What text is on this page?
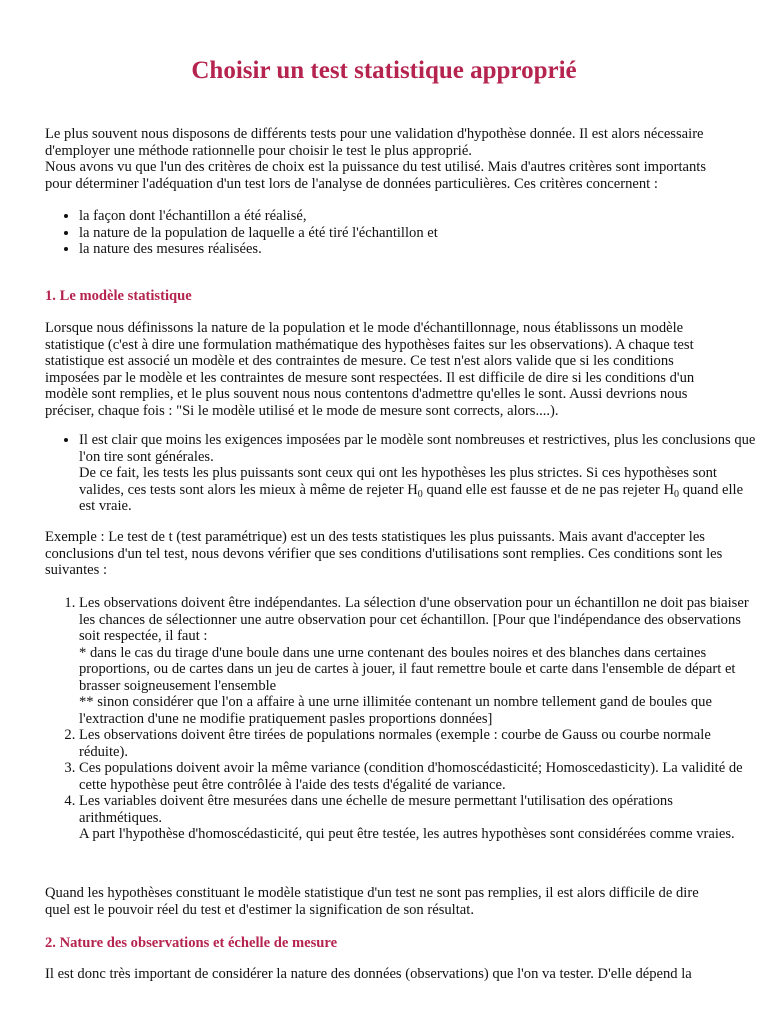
Choisir un test statistique approprié
Le plus souvent nous disposons de différents tests pour une validation d'hypothèse donnée. Il est alors nécessaire d'employer une méthode rationnelle pour choisir le test le plus approprié.
Nous avons vu que l'un des critères de choix est la puissance du test utilisé. Mais d'autres critères sont importants pour déterminer l'adéquation d'un test lors de l'analyse de données particulières. Ces critères concernent :
• la façon dont l'échantillon a été réalisé,
• la nature de la population de laquelle a été tiré l'échantillon et
• la nature des mesures réalisées.
1. Le modèle statistique

Lorsque nous définissons la nature de la population et le mode d'échantillonnage, nous établissons un modèle statistique (c'est à dire une formulation mathématique des hypothèses faites sur les observations). A chaque test statistique est associé un modèle et des contraintes de mesure. Ce test n'est alors valide que si les conditions imposées par le modèle et les contraintes de mesure sont respectées. Il est difficile de dire si les conditions d'un modèle sont remplies, et le plus souvent nous nous contentons d'admettre qu'elles le sont. Aussi devrions nous préciser, chaque fois : "Si le modèle utilisé et le mode de mesure sont corrects, alors....).

• Il est clair que moins les exigences imposées par le modèle sont nombreuses et restrictives, plus les conclusions que l'on tire sont générales.
De ce fait, les tests les plus puissants sont ceux qui ont les hypothèses les plus strictes. Si ces hypothèses sont valides, ces tests sont alors les mieux à même de rejeter $H_0$ quand elle est fausse et de ne pas rejeter $H_0$ quand elle est vraie.

Exemple : Le test de t (test paramétrique) est un des tests statistiques les plus puissants. Mais avant d'accepter les conclusions d'un tel test, nous devons vérifier que ses conditions d'utilisations sont remplies. Ces conditions sont les suivantes :

1. Les observations doivent être indépendantes. La sélection d'une observation pour un échantillon ne doit pas biaiser les chances de sélectionner une autre observation pour cet échantillon. [Pour que l'indépendance des observations soit respectée, il faut :
* dans le cas du tirage d'une boule dans une urne contenant des boules noires et des blanches dans certaines proportions, ou de cartes dans un jeu de cartes à jouer, il faut remettre boule et carte dans l'ensemble de départ et brasser soigneusement l'ensemble
** sinon considérer que l'on a affaire à une urne illimitée contenant un nombre tellement gand de boules que l'extraction d'une ne modifie pratiquement pasles proportions données]
2. Les observations doivent être tirées de populations normales (exemple : courbe de Gauss ou courbe normale réduite).
3. Ces populations doivent avoir la même variance (condition d'homoscédasticité; Homoscedasticity). La validité de cette hypothèse peut être contrôlée à l'aide des tests d'égalité de variance.
4. Les variables doivent être mesurées dans une échelle de mesure permettant l'utilisation des opérations arithmétiques.
A part l'hypothèse d'homoscédasticité, qui peut être testée, les autres hypothèses sont considérées comme vraies.

Quand les hypothèses constituant le modèle statistique d'un test ne sont pas remplies, il est alors difficile de dire quel est le pouvoir réel du test et d'estimer la signification de son résultat.

2. Nature des observations et échelle de mesure

Il est donc très important de considérer la nature des données (observations) que l'on va tester. D'elle dépend la
